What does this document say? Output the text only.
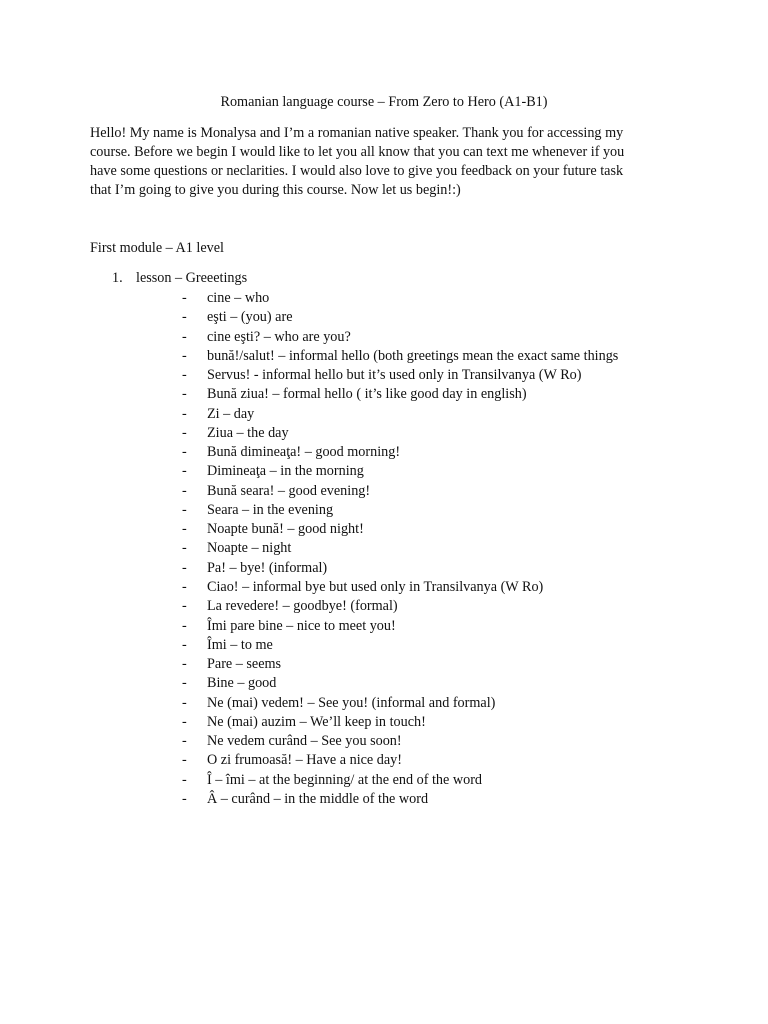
Romanian language course – From Zero to Hero (A1-B1)
Hello! My name is Monalysa and I’m a romanian native speaker. Thank you for accessing my
course. Before we begin I would like to let you all know that you can text me whenever if you
have some questions or neclarities. I would also love to give you feedback on your future task
that I’m going to give you during this course. Now let us begin!:)
First module – A1 level
1. lesson – Greeetings
- cine – who
- eşti – (you) are
- cine eşti? – who are you?
- bună!/salut! – informal hello (both greetings mean the exact same things
- Servus! - informal hello but it’s used only in Transilvanya (W Ro)
- Bună ziua! – formal hello ( it’s like good day in english)
- Zi – day
- Ziua – the day
- Bună dimineaţa! – good morning!
- Dimineaţa – in the morning
- Bună seara! – good evening!
- Seara – in the evening
- Noapte bună! – good night!
- Noapte – night
- Pa! – bye! (informal)
- Ciao! – informal bye but used only in Transilvanya (W Ro)
- La revedere! – goodbye! (formal)
- Îmi pare bine – nice to meet you!
- Îmi – to me
- Pare – seems
- Bine – good
- Ne (mai) vedem! – See you! (informal and formal)
- Ne (mai) auzim – We’ll keep in touch!
- Ne vedem curând – See you soon!
- O zi frumoasă! – Have a nice day!
- Î – îmi – at the beginning/ at the end of the word
- Â – curând – in the middle of the word
